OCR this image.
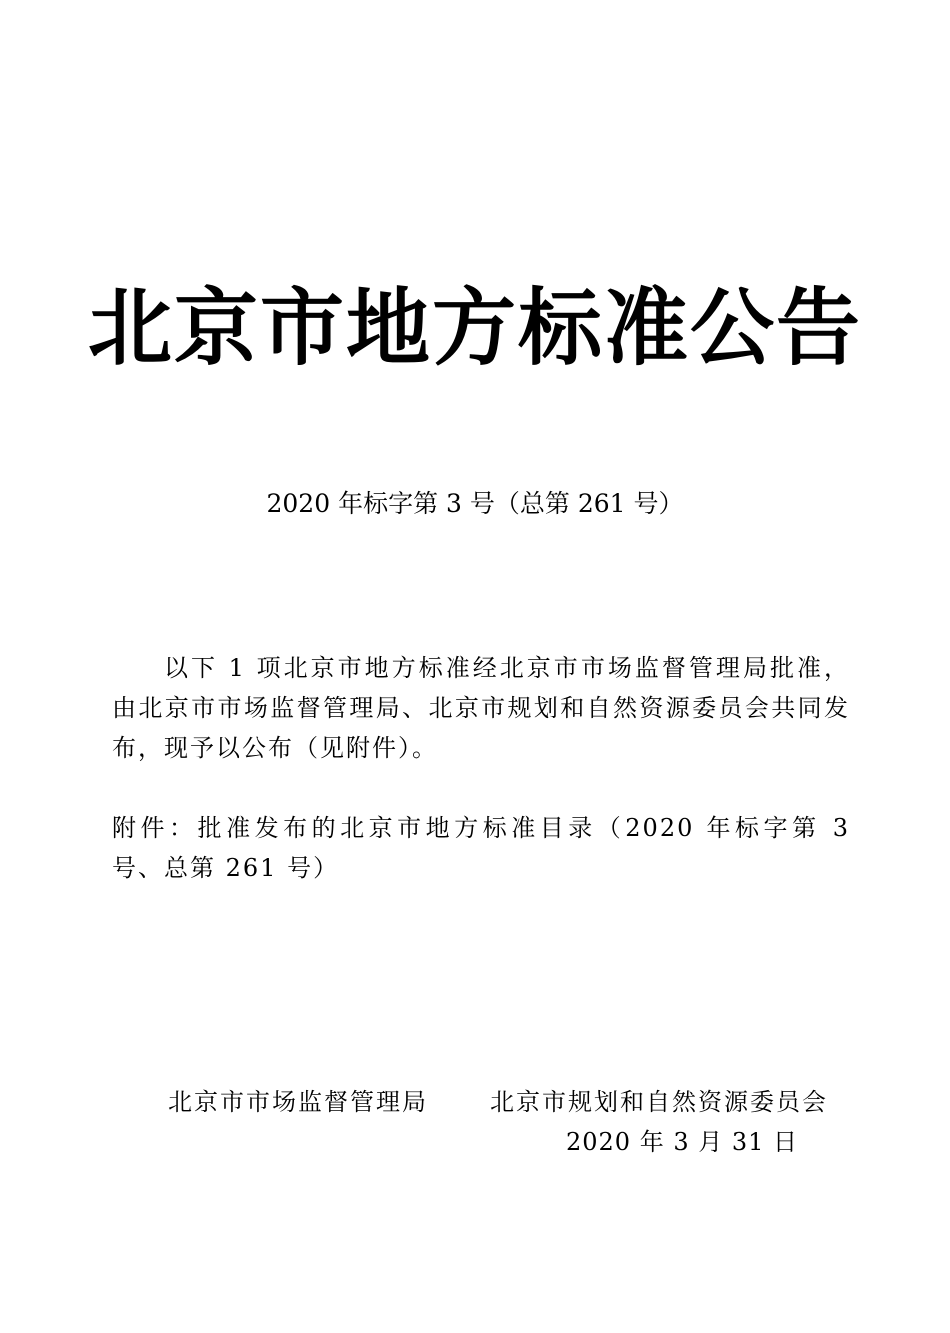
北京市地方标准公告
2020 年标字第 3 号（总第 261 号）
以下 1 项北京市地方标准经北京市市场监督管理局批准，由北京市市场监督管理局、北京市规划和自然资源委员会共同发布，现予以公布（见附件）。
附件：批准发布的北京市地方标准目录（2020 年标字第 3 号、总第 261 号）
北京市市场监督管理局	北京市规划和自然资源委员会
2020 年 3 月 31 日
